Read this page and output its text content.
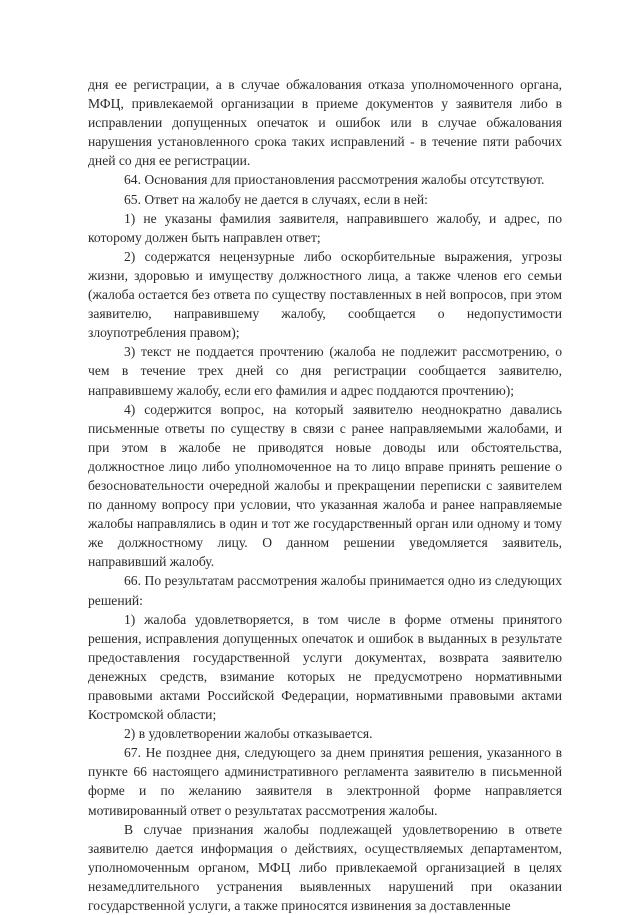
дня ее регистрации, а в случае обжалования отказа уполномоченного органа, МФЦ, привлекаемой организации в приеме документов у заявителя либо в исправлении допущенных опечаток и ошибок или в случае обжалования нарушения установленного срока таких исправлений - в течение пяти рабочих дней со дня ее регистрации.

64. Основания для приостановления рассмотрения жалобы отсутствуют.

65. Ответ на жалобу не дается в случаях, если в ней:

1) не указаны фамилия заявителя, направившего жалобу, и адрес, по которому должен быть направлен ответ;

2) содержатся нецензурные либо оскорбительные выражения, угрозы жизни, здоровью и имуществу должностного лица, а также членов его семьи (жалоба остается без ответа по существу поставленных в ней вопросов, при этом заявителю, направившему жалобу, сообщается о недопустимости злоупотребления правом);

3) текст не поддается прочтению (жалоба не подлежит рассмотрению, о чем в течение трех дней со дня регистрации сообщается заявителю, направившему жалобу, если его фамилия и адрес поддаются прочтению);

4) содержится вопрос, на который заявителю неоднократно давались письменные ответы по существу в связи с ранее направляемыми жалобами, и при этом в жалобе не приводятся новые доводы или обстоятельства, должностное лицо либо уполномоченное на то лицо вправе принять решение о безосновательности очередной жалобы и прекращении переписки с заявителем по данному вопросу при условии, что указанная жалоба и ранее направляемые жалобы направлялись в один и тот же государственный орган или одному и тому же должностному лицу. О данном решении уведомляется заявитель, направивший жалобу.

66. По результатам рассмотрения жалобы принимается одно из следующих решений:

1) жалоба удовлетворяется, в том числе в форме отмены принятого решения, исправления допущенных опечаток и ошибок в выданных в результате предоставления государственной услуги документах, возврата заявителю денежных средств, взимание которых не предусмотрено нормативными правовыми актами Российской Федерации, нормативными правовыми актами Костромской области;

2) в удовлетворении жалобы отказывается.

67. Не позднее дня, следующего за днем принятия решения, указанного в пункте 66 настоящего административного регламента заявителю в письменной форме и по желанию заявителя в электронной форме направляется мотивированный ответ о результатах рассмотрения жалобы.

В случае признания жалобы подлежащей удовлетворению в ответе заявителю дается информация о действиях, осуществляемых департаментом, уполномоченным органом, МФЦ либо привлекаемой организацией в целях незамедлительного устранения выявленных нарушений при оказании государственной услуги, а также приносятся извинения за доставленные
